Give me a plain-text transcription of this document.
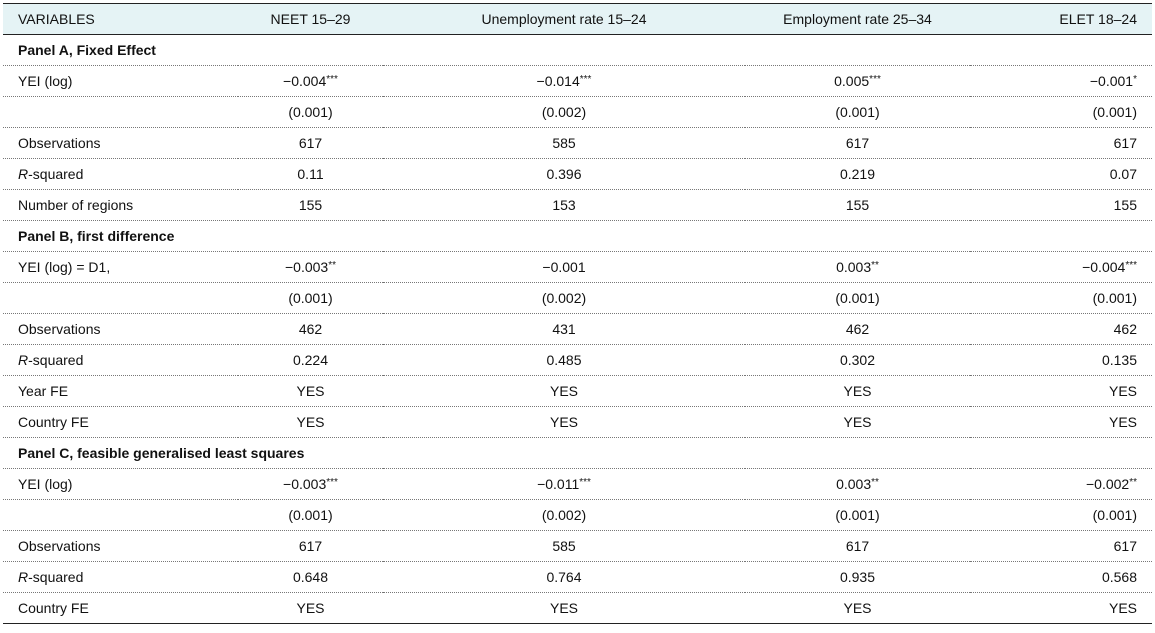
VARIABLES	NEET 15–29	Unemployment rate 15–24	Employment rate 25–34	ELET 18–24
Panel A, Fixed Effect				
YEI (log)	−0.004***	−0.014***	0.005***	−0.001*
	(0.001)	(0.002)	(0.001)	(0.001)
Observations	617	585	617	617
R-squared	0.11	0.396	0.219	0.07
Number of regions	155	153	155	155
Panel B, first difference				
YEI (log) = D1,	−0.003**	−0.001	0.003**	−0.004***
	(0.001)	(0.002)	(0.001)	(0.001)
Observations	462	431	462	462
R-squared	0.224	0.485	0.302	0.135
Year FE	YES	YES	YES	YES
Country FE	YES	YES	YES	YES
Panel C, feasible generalised least squares				
YEI (log)	−0.003***	−0.011***	0.003**	−0.002**
	(0.001)	(0.002)	(0.001)	(0.001)
Observations	617	585	617	617
R-squared	0.648	0.764	0.935	0.568
Country FE	YES	YES	YES	YES
